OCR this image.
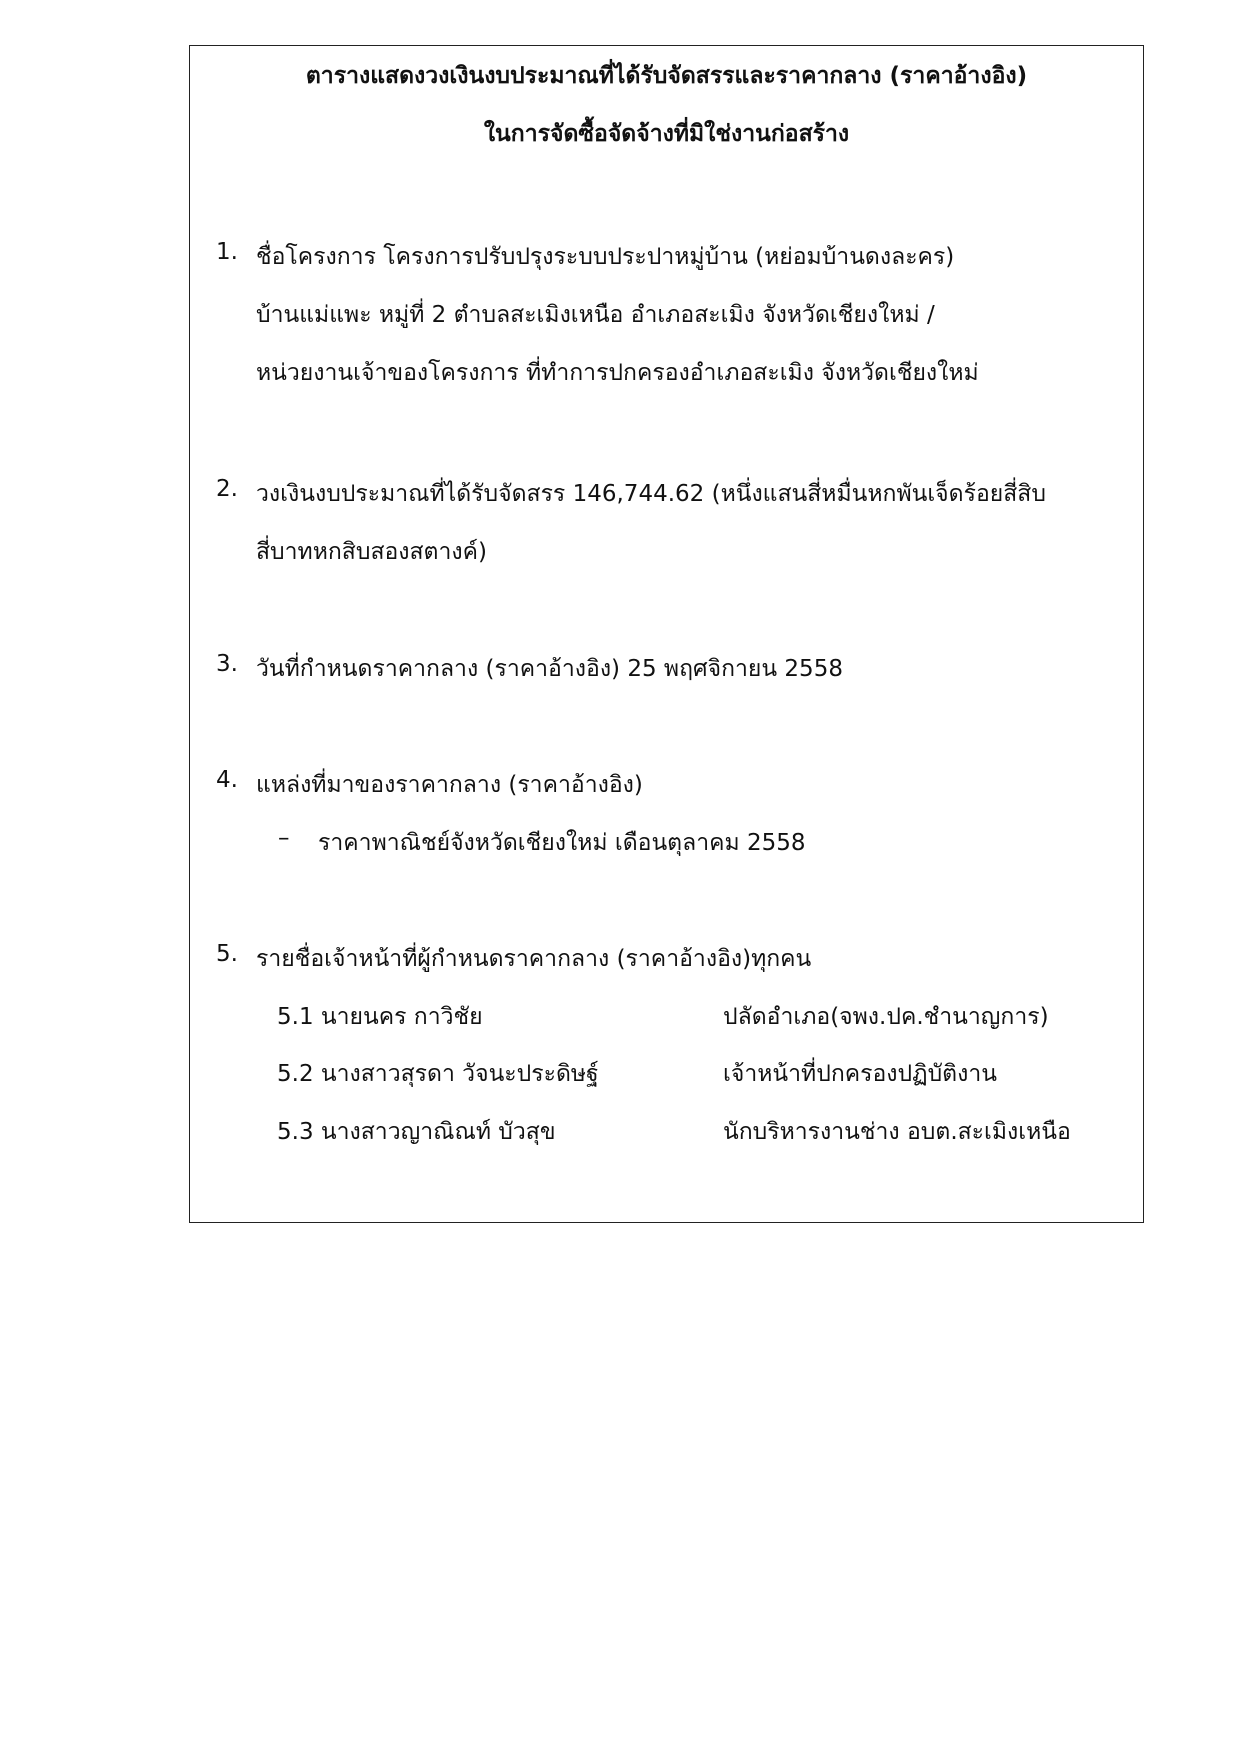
ตารางแสดงวงเงินงบประมาณที่ได้รับจัดสรรและราคากลาง (ราคาอ้างอิง)
ในการจัดซื้อจัดจ้างที่มิใช่งานก่อสร้าง
1. ชื่อโครงการ โครงการปรับปรุงระบบประปาหมู่บ้าน (หย่อมบ้านดงละคร)
บ้านแม่แพะ หมู่ที่ 2 ตำบลสะเมิงเหนือ อำเภอสะเมิง จังหวัดเชียงใหม่ /
หน่วยงานเจ้าของโครงการ ที่ทำการปกครองอำเภอสะเมิง จังหวัดเชียงใหม่
2. วงเงินงบประมาณที่ได้รับจัดสรร 146,744.62 (หนึ่งแสนสี่หมื่นหกพันเจ็ดร้อยสี่สิบ
สี่บาทหกสิบสองสตางค์)
3. วันที่กำหนดราคากลาง (ราคาอ้างอิง) 25 พฤศจิกายน 2558
4. แหล่งที่มาของราคากลาง (ราคาอ้างอิง)
– ราคาพาณิชย์จังหวัดเชียงใหม่ เดือนตุลาคม 2558
5. รายชื่อเจ้าหน้าที่ผู้กำหนดราคากลาง (ราคาอ้างอิง)ทุกคน
5.1 นายนคร กาวิชัย	ปลัดอำเภอ(จพง.ปค.ชำนาญการ)
5.2 นางสาวสุรดา วัจนะประดิษฐ์	เจ้าหน้าที่ปกครองปฏิบัติงาน
5.3 นางสาวญาณิณท์ บัวสุข	นักบริหารงานช่าง อบต.สะเมิงเหนือ
